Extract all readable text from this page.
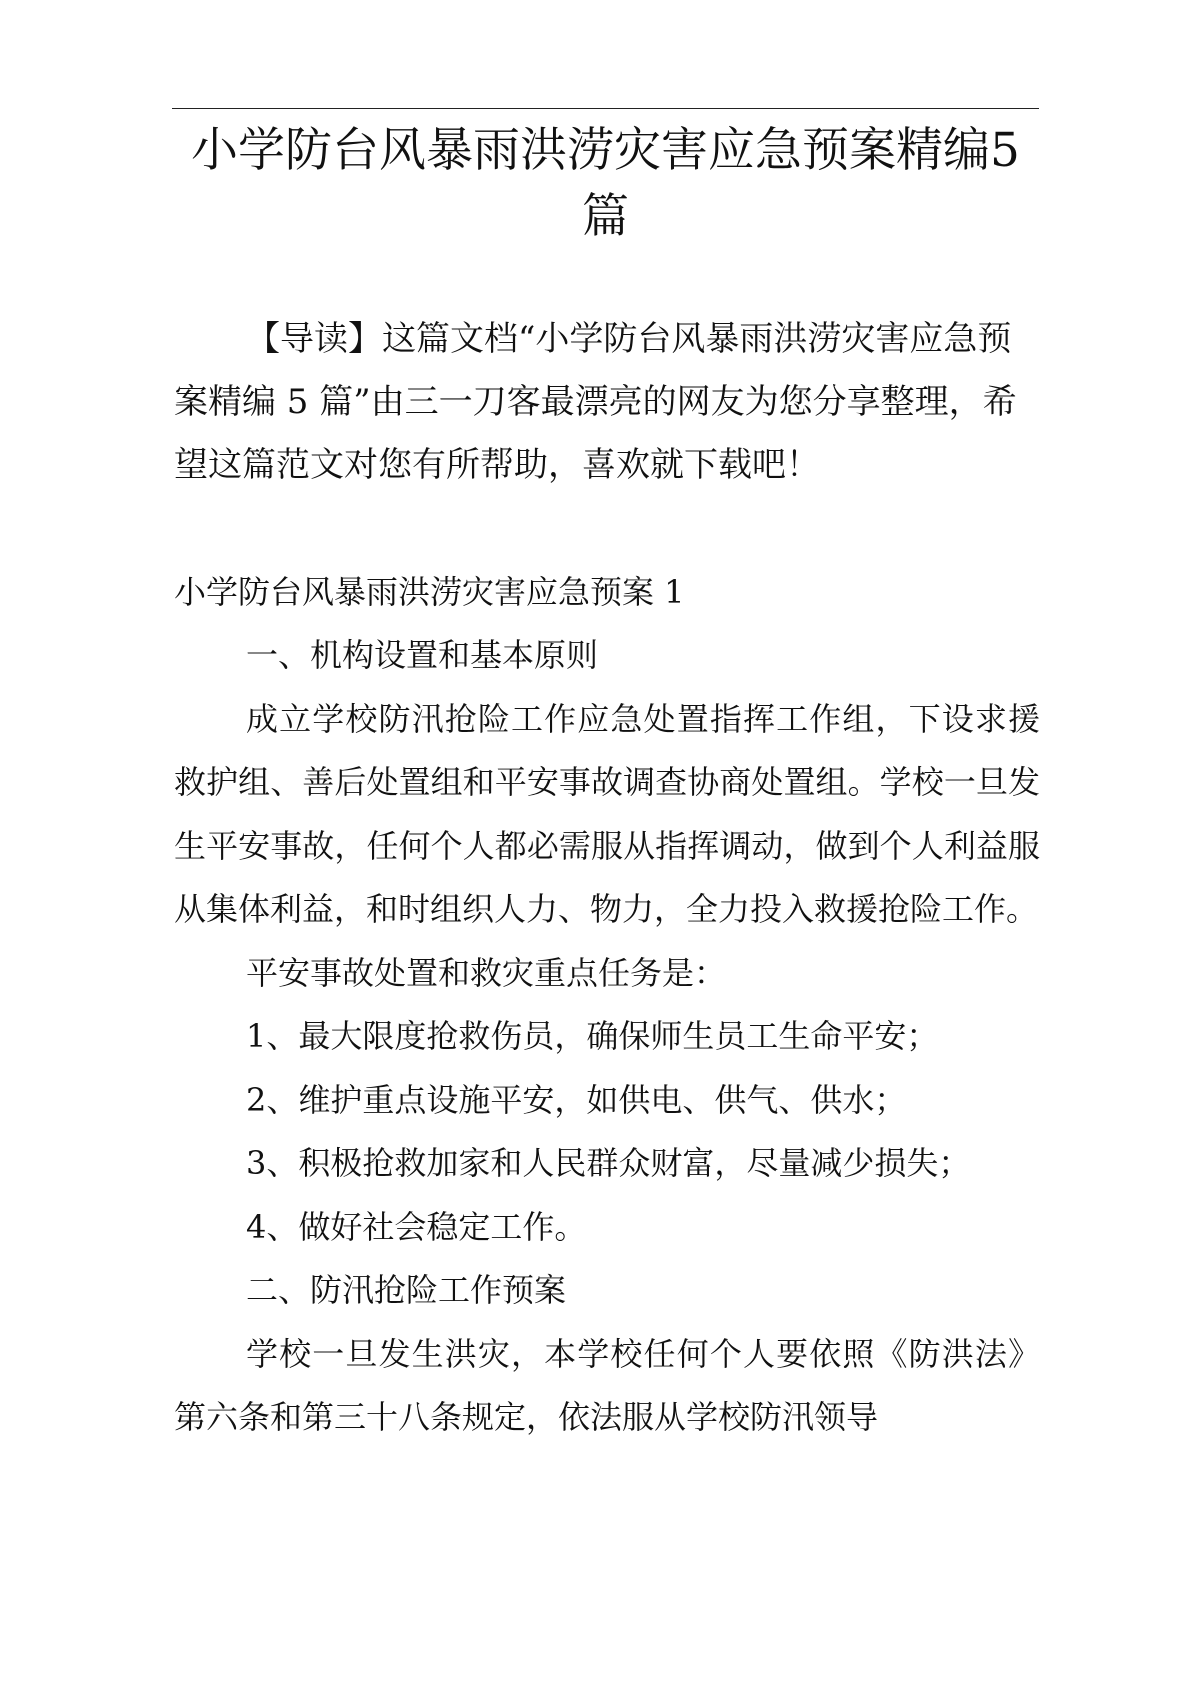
小学防台风暴雨洪涝灾害应急预案精编5篇

【导读】这篇文档“小学防台风暴雨洪涝灾害应急预案精编 5 篇”由三一刀客最漂亮的网友为您分享整理，希望这篇范文对您有所帮助，喜欢就下载吧！

小学防台风暴雨洪涝灾害应急预案 1

一、机构设置和基本原则

成立学校防汛抢险工作应急处置指挥工作组，下设求援救护组、善后处置组和平安事故调查协商处置组。学校一旦发生平安事故，任何个人都必需服从指挥调动，做到个人利益服从集体利益，和时组织人力、物力，全力投入救援抢险工作。

平安事故处置和救灾重点任务是：

1、最大限度抢救伤员，确保师生员工生命平安；

2、维护重点设施平安，如供电、供气、供水；

3、积极抢救加家和人民群众财富，尽量减少损失；

4、做好社会稳定工作。

二、防汛抢险工作预案

学校一旦发生洪灾，本学校任何个人要依照《防洪法》第六条和第三十八条规定，依法服从学校防汛领导
